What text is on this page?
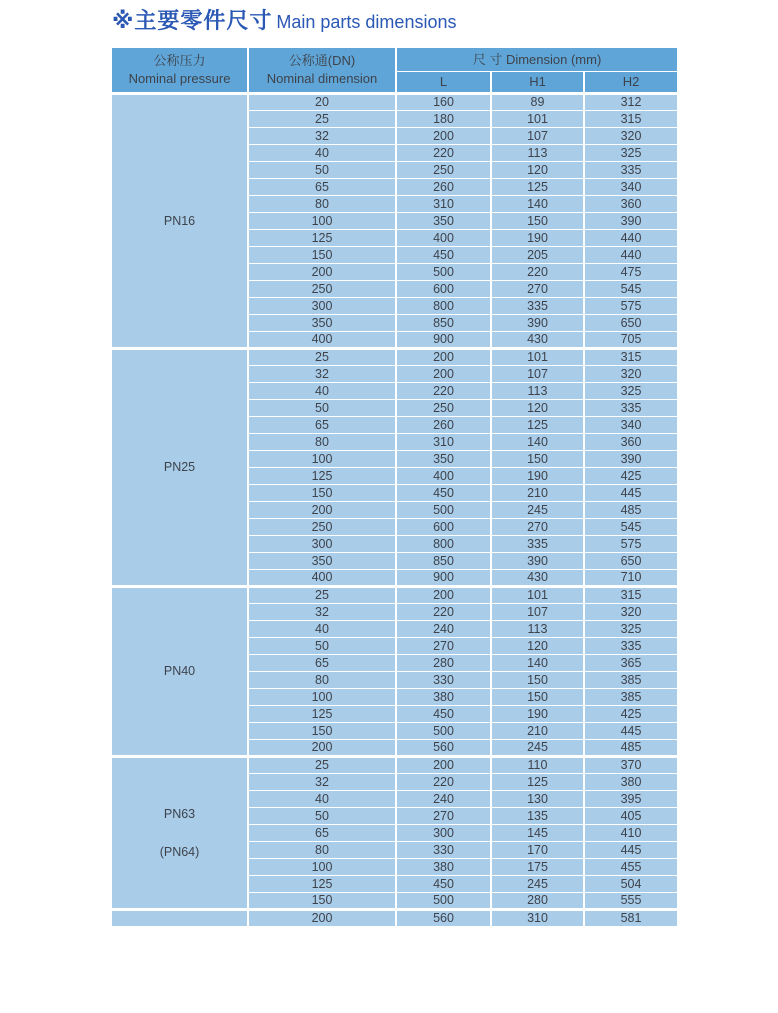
※主要零件尺寸 Main parts dimensions
公称压力
Nominal pressure

公称通(DN)
Nominal dimension
	尺 寸 Dimension (mm)
		L	H1	H2

PN16	20	160	89	312
	25	180	101	315
	32	200	107	320
	40	220	113	325
	50	250	120	335
	65	260	125	340
	80	310	140	360
	100	350	150	390
	125	400	190	440
	150	450	205	440
	200	500	220	475
	250	600	270	545
	300	800	335	575
	350	850	390	650
	400	900	430	705

PN25	25	200	101	315
	32	200	107	320
	40	220	113	325
	50	250	120	335
	65	260	125	340
	80	310	140	360
	100	350	150	390
	125	400	190	425
	150	450	210	445
	200	500	245	485
	250	600	270	545
	300	800	335	575
	350	850	390	650
	400	900	430	710

PN40	25	200	101	315
	32	220	107	320
	40	240	113	325
	50	270	120	335
	65	280	140	365
	80	330	150	385
	100	380	150	385
	125	450	190	425
	150	500	210	445
	200	560	245	485

PN63
(PN64)	25	200	110	370
	32	220	125	380
	40	240	130	395
	50	270	135	405
	65	300	145	410
	80	330	170	445
	100	380	175	455
	125	450	245	504
	150	500	280	555
	200	560	310	581
